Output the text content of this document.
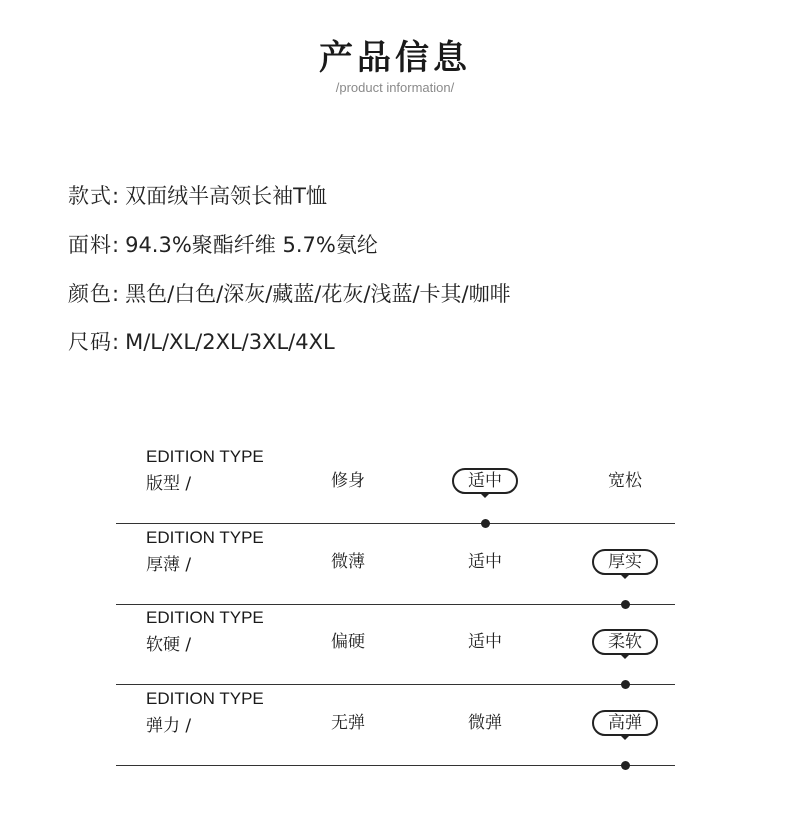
产品信息
/product information/
款式: 双面绒半高领长袖T恤
面料: 94.3%聚酯纤维 5.7%氨纶
颜色: 黑色/白色/深灰/藏蓝/花灰/浅蓝/卡其/咖啡
尺码: M/L/XL/2XL/3XL/4XL
EDITION TYPE
版型 /	修身	适中	宽松
EDITION TYPE
厚薄 /	微薄	适中	厚实
EDITION TYPE
软硬 /	偏硬	适中	柔软
EDITION TYPE
弹力 /	无弹	微弹	高弹
